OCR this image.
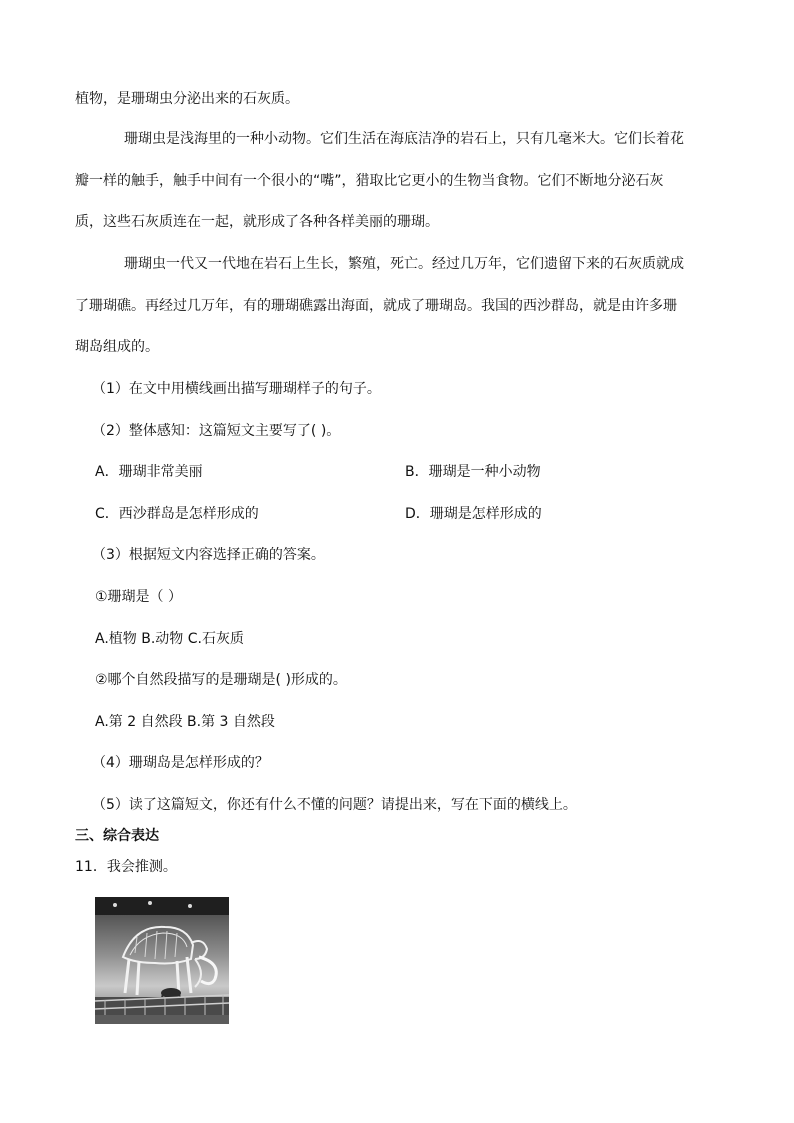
植物，是珊瑚虫分泌出来的石灰质。
珊瑚虫是浅海里的一种小动物。它们生活在海底洁净的岩石上，只有几毫米大。它们长着花
瓣一样的触手，触手中间有一个很小的“嘴”，猎取比它更小的生物当食物。它们不断地分泌石灰
质，这些石灰质连在一起，就形成了各种各样美丽的珊瑚。
珊瑚虫一代又一代地在岩石上生长，繁殖，死亡。经过几万年，它们遗留下来的石灰质就成
了珊瑚礁。再经过几万年，有的珊瑚礁露出海面，就成了珊瑚岛。我国的西沙群岛，就是由许多珊
瑚岛组成的。
（1）在文中用横线画出描写珊瑚样子的句子。
（2）整体感知：这篇短文主要写了( )。
A．珊瑚非常美丽	B．珊瑚是一种小动物
C．西沙群岛是怎样形成的	D．珊瑚是怎样形成的
（3）根据短文内容选择正确的答案。
①珊瑚是（ ）
A.植物 B.动物 C.石灰质
②哪个自然段描写的是珊瑚是( )形成的。
A.第 2 自然段 B.第 3 自然段
（4）珊瑚岛是怎样形成的？
（5）读了这篇短文，你还有什么不懂的问题？请提出来，写在下面的横线上。
三、综合表达
11．我会推测。
